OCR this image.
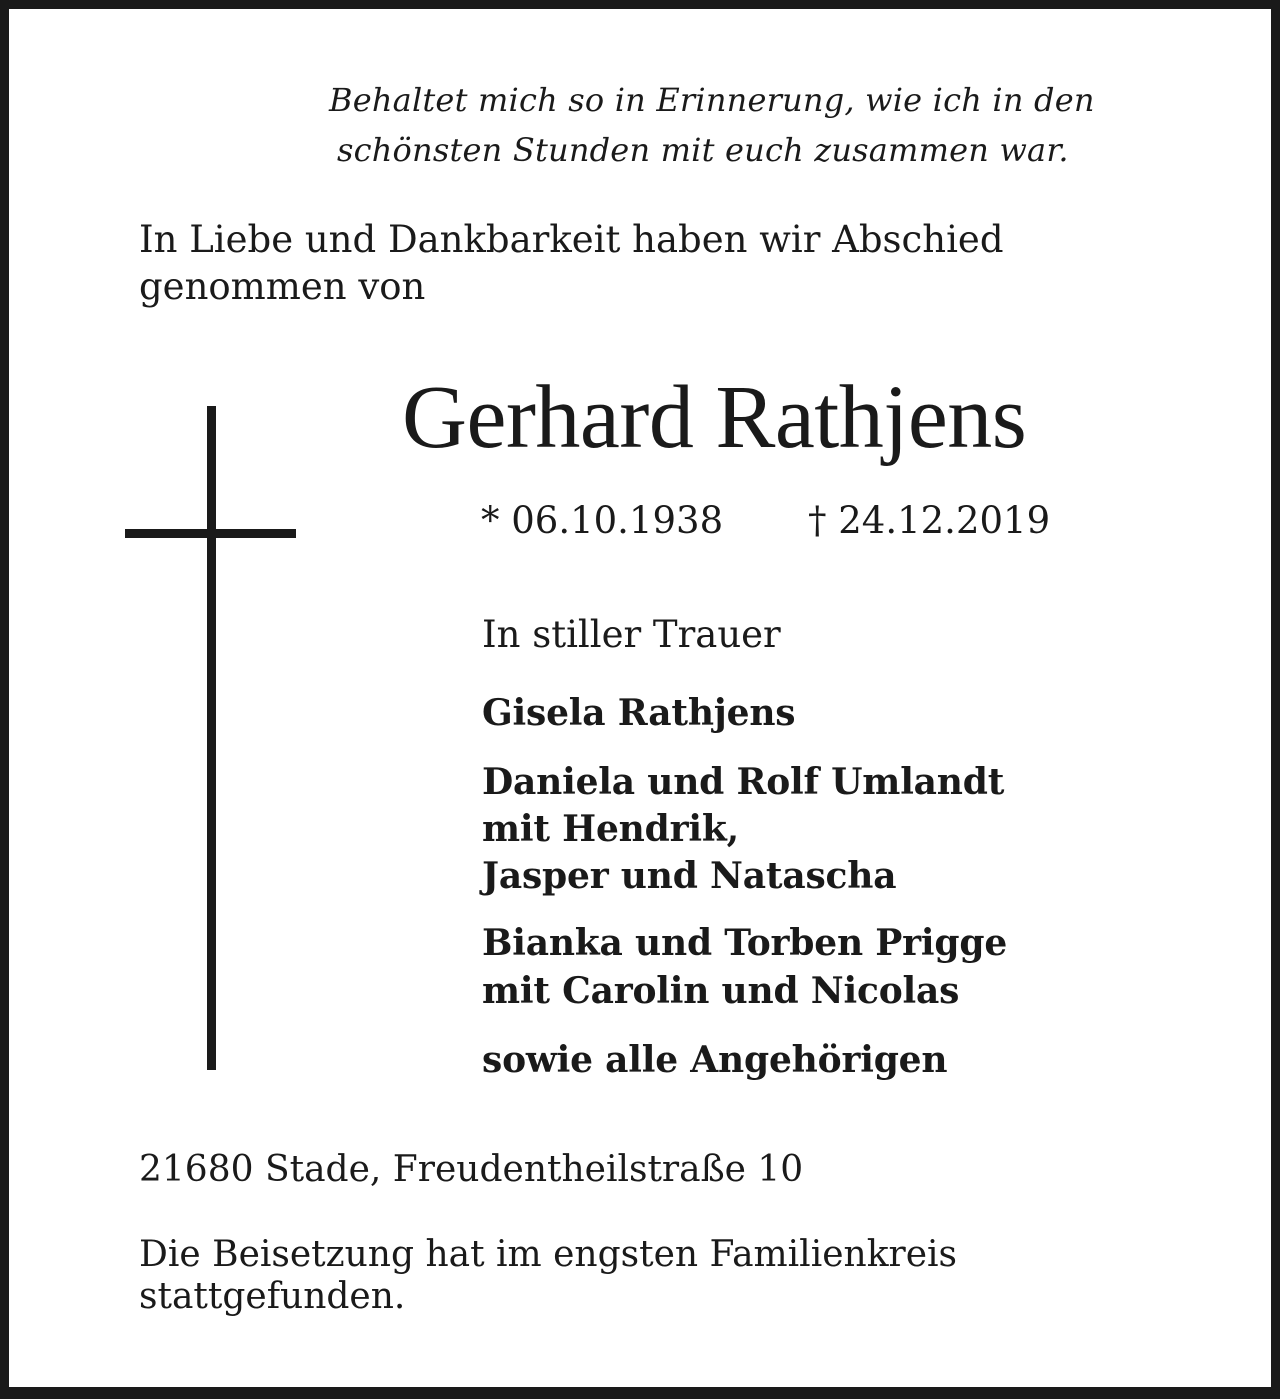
Behaltet mich so in Erinnerung, wie ich in den
schönsten Stunden mit euch zusammen war.
In Liebe und Dankbarkeit haben wir Abschied
genommen von
Gerhard Rathjens
* 06.10.1938 † 24.12.2019
In stiller Trauer
Gisela Rathjens
Daniela und Rolf Umlandt
mit Hendrik,
Jasper und Natascha
Bianka und Torben Prigge
mit Carolin und Nicolas
sowie alle Angehörigen
21680 Stade, Freudentheilstraße 10
Die Beisetzung hat im engsten Familienkreis
stattgefunden.
